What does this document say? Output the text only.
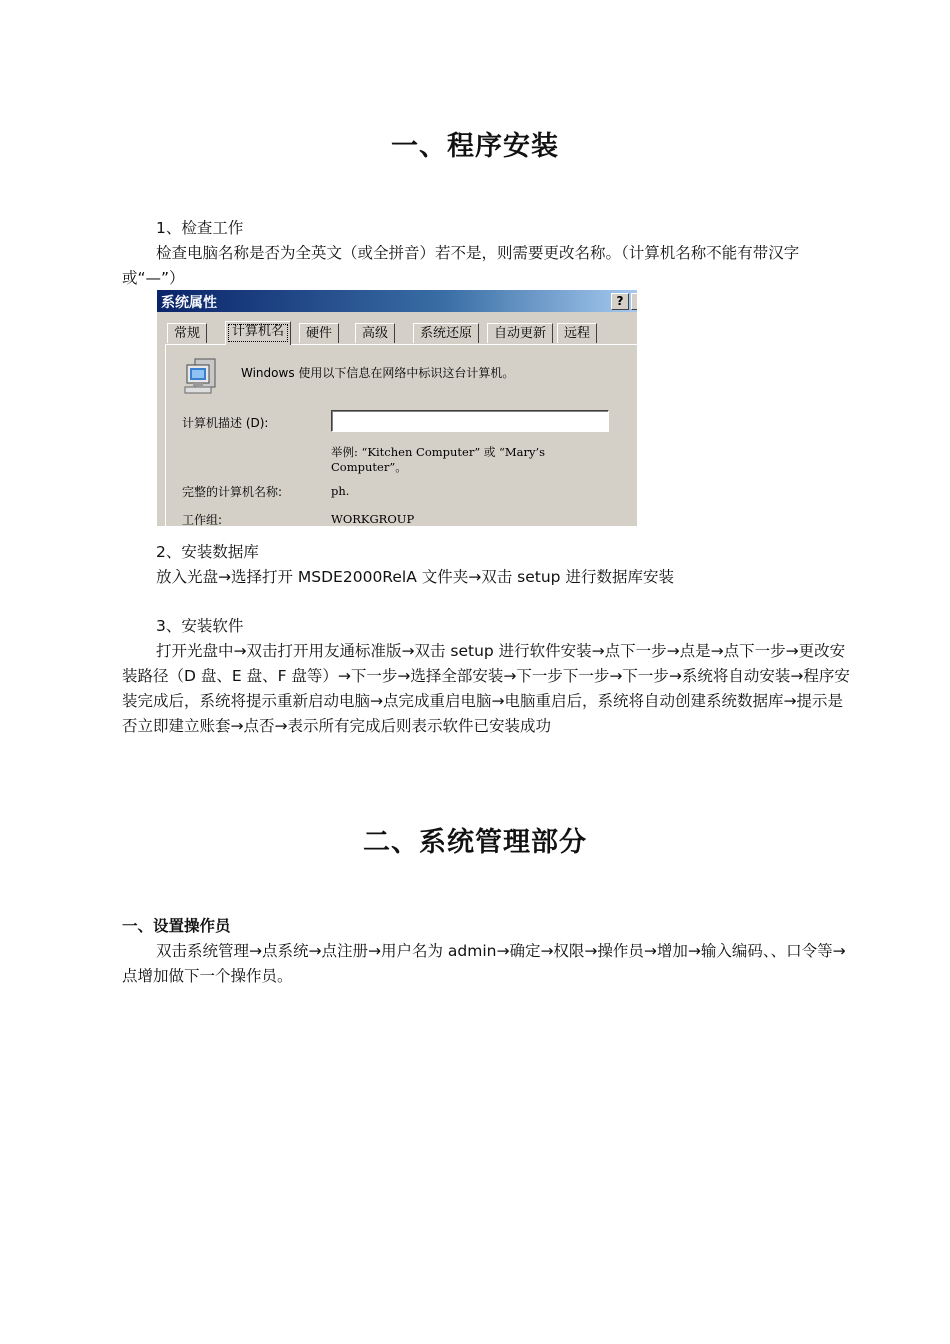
一、程序安装
1、检查工作

检查电脑名称是否为全英文（或全拼音）若不是，则需要更改名称。（计算机名称不能有带汉字或“—”）

系统属性	?
常规	计算机名	硬件	高级	系统还原	自动更新	远程
Windows 使用以下信息在网络中标识这台计算机。
计算机描述 (D):
举例: “Kitchen Computer” 或 “Mary’s
Computer”。
完整的计算机名称:	ph.
工作组:	WORKGROUP
2、安装数据库

放入光盘→选择打开 MSDE2000RelA 文件夹→双击 setup 进行数据库安装

3、安装软件

打开光盘中→双击打开用友通标准版→双击 setup 进行软件安装→点下一步→点是→点下一步→更改安装路径（D 盘、E 盘、F 盘等）→下一步→选择全部安装→下一步下一步→下一步→系统将自动安装→程序安装完成后，系统将提示重新启动电脑→点完成重启电脑→电脑重启后，系统将自动创建系统数据库→提示是否立即建立账套→点否→表示所有完成后则表示软件已安装成功

二、系统管理部分
一、设置操作员

双击系统管理→点系统→点注册→用户名为 admin→确定→权限→操作员→增加→输入编码、、口令等→点增加做下一个操作员。
